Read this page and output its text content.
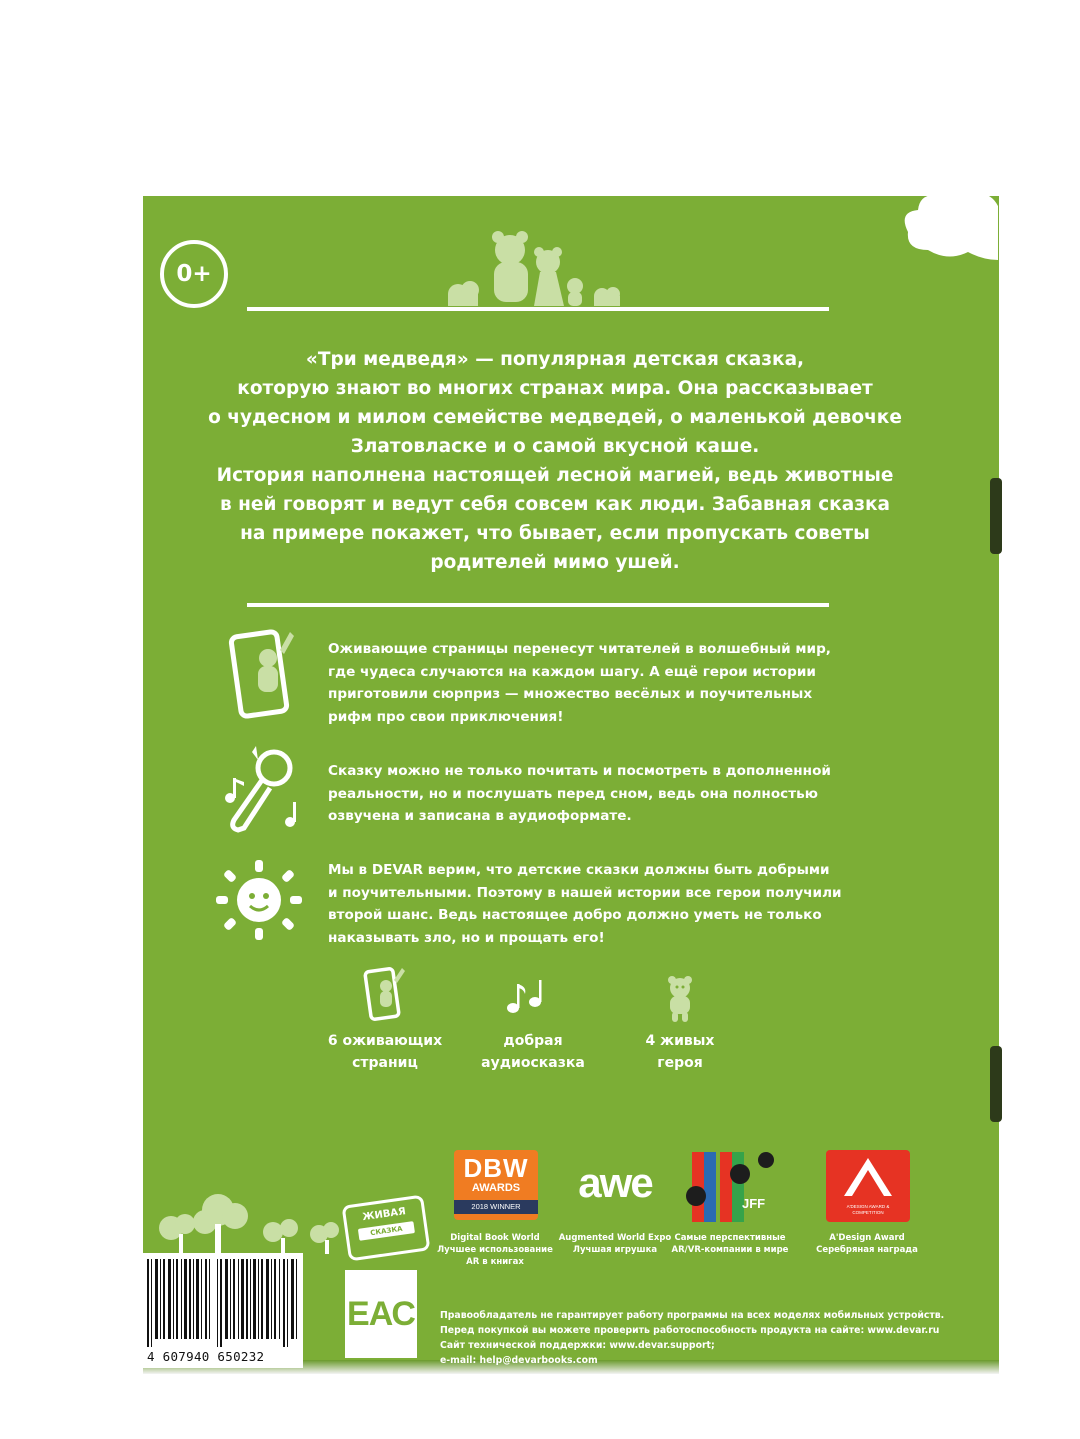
0+

«Три медведя» — популярная детская сказка,

которую знают во многих странах мира. Она рассказывает

о чудесном и милом семействе медведей, о маленькой девочке

Златовласке и о самой вкусной каше.

История наполнена настоящей лесной магией, ведь животные

в ней говорят и ведут себя совсем как люди. Забавная сказка

на примере покажет, что бывает, если пропускать советы

родителей мимо ушей.

Оживающие страницы перенесут читателей в волшебный мир,

где чудеса случаются на каждом шагу. А ещё герои истории

приготовили сюрприз — множество весёлых и поучительных

рифм про свои приключения!

Сказку можно не только почитать и посмотреть в дополненной

реальности, но и послушать перед сном, ведь она полностью

озвучена и записана в аудиоформате.

Мы в DEVAR верим, что детские сказки должны быть добрыми

и поучительными. Поэтому в нашей истории все герои получили

второй шанс. Ведь настоящее добро должно уметь не только

наказывать зло, но и прощать его!

6 оживающих
страниц
добрая
аудиосказка
4 живых
героя
DBW
AWARDS
2018 WINNER
Digital Book World
Лучшее использование
AR в книгах
awe
Augmented World Expo
Лучшая игрушка
JFF
Самые перспективные
AR/VR-компании в мире
A'DESIGN AWARD & COMPETITION
A'Design Award
Серебряная награда
4 607940 650232
ЖИВАЯ
СКАЗКА
ЕАС	Правообладатель не гарантирует работу программы на всех моделях мобильных устройств.
Перед покупкой вы можете проверить работоспособность продукта на сайте: www.devar.ru
Сайт технической поддержки: www.devar.support;
e-mail: help@devarbooks.com
